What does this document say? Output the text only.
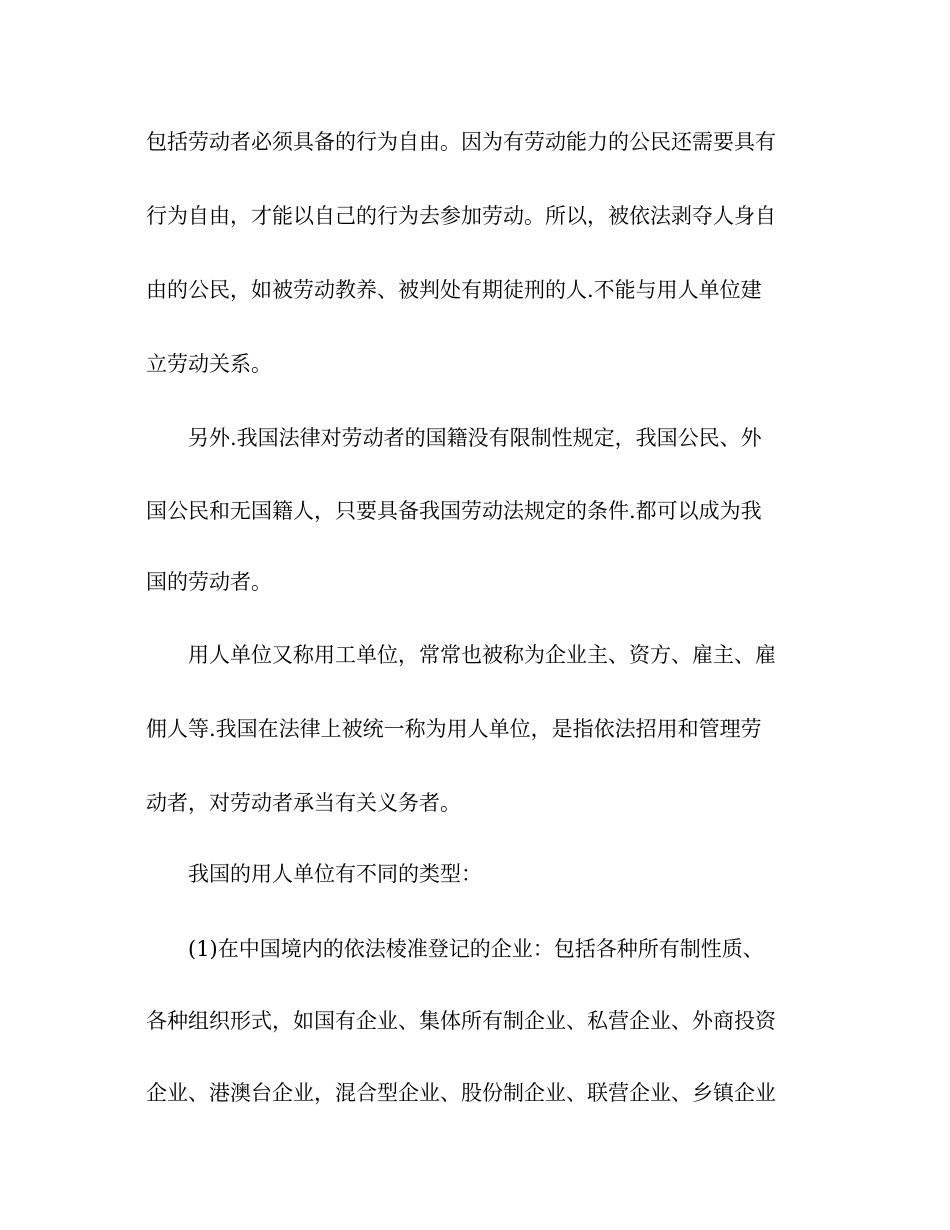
包括劳动者必须具备的行为自由。因为有劳动能力的公民还需要具有
行为自由，才能以自己的行为去参加劳动。所以，被依法剥夺人身自
由的公民，如被劳动教养、被判处有期徒刑的人.不能与用人单位建
立劳动关系。
另外.我国法律对劳动者的国籍没有限制性规定，我国公民、外
国公民和无国籍人，只要具备我国劳动法规定的条件.都可以成为我
国的劳动者。
用人单位又称用工单位，常常也被称为企业主、资方、雇主、雇
佣人等.我国在法律上被统一称为用人单位，是指依法招用和管理劳
动者，对劳动者承当有关义务者。
我国的用人单位有不同的类型：
(1)在中国境内的依法棱准登记的企业：包括各种所有制性质、
各种组织形式，如国有企业、集体所有制企业、私营企业、外商投资
企业、港澳台企业，混合型企业、股份制企业、联营企业、乡镇企业
